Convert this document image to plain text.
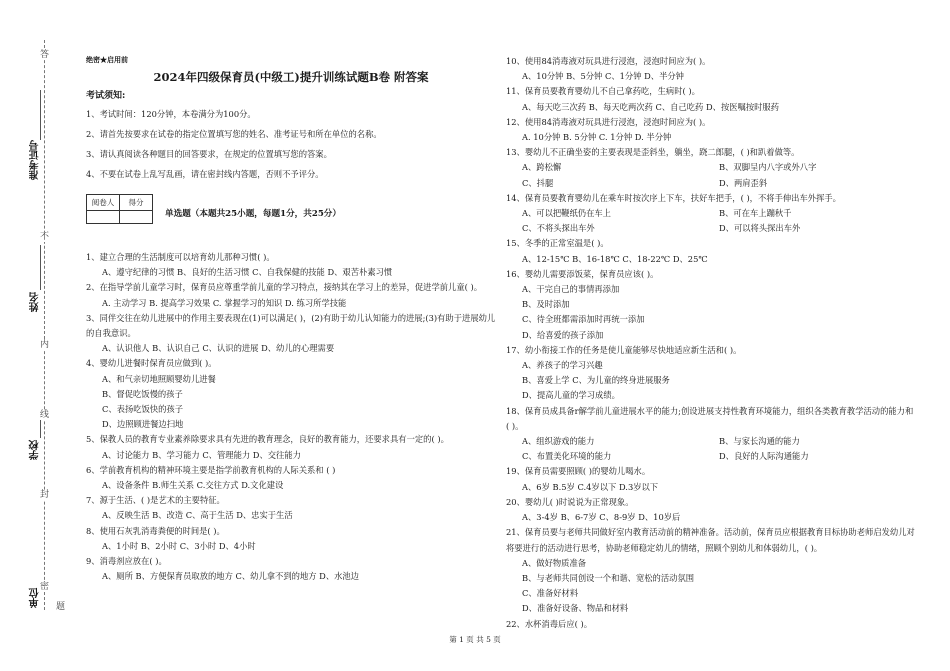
答
不
内
线
封
密
题
准考证号
姓名
学校
单位
绝密★启用前
2024年四级保育员(中级工)提升训练试题B卷 附答案
考试须知:

1、考试时间：120分钟，本卷满分为100分。

2、请首先按要求在试卷的指定位置填写您的姓名、准考证号和所在单位的名称。

3、请认真阅读各种题目的回答要求，在规定的位置填写您的答案。

4、不要在试卷上乱写乱画，请在密封线内答题，否则不予评分。

阅卷人	得分

单选题（本题共25小题，每题1分，共25分）
1、建立合理的生活制度可以培育幼儿那种习惯( )。
A、遵守纪律的习惯 B、良好的生活习惯 C、自我保健的技能 D、艰苦朴素习惯
2、在指导学前儿童学习时，保育员应尊重学前儿童的学习特点，接纳其在学习上的差异，促进学前儿童( )。
A. 主动学习 B. 提高学习效果 C. 掌握学习的知识 D. 练习所学技能
3、同伴交往在幼儿进展中的作用主要表现在(1)可以满足( )，(2)有助于幼儿认知能力的进展;(3)有助于进展幼儿的自我意识。
A、认识他人 B、认识自己 C、认识的进展 D、幼儿的心理需要
4、婴幼儿进餐时保育员应做到( )。
A、和气亲切地照顾婴幼儿进餐
B、督促吃饭慢的孩子
C、表扬吃饭快的孩子
D、边照顾进餐边扫地
5、保教人员的教育专业素养除要求具有先进的教育理念，良好的教育能力，还要求具有一定的( )。
A、讨论能力 B、学习能力 C、管理能力 D、交往能力
6、学前教育机构的精神环境主要是指学前教育机构的人际关系和 ( )
A、设备条件 B.师生关系 C.交往方式 D.文化建设
7、源于生活、( )是艺术的主要特征。
A、反映生活 B、改造 C、高于生活 D、忠实于生活
8、使用石灰乳消毒粪便的时间是( )。
A、1小时 B、2小时 C、3小时 D、4小时
9、消毒剂应放在( )。
A、厕所 B、方便保育员取放的地方 C、幼儿拿不到的地方 D、水池边
10、使用84消毒液对玩具进行浸泡，浸泡时间应为( )。
A、10分钟 B、5分钟 C、1分钟 D、半分钟
11、保育员要教育婴幼儿不自己拿药吃，生病时( )。
A、每天吃三次药 B、每天吃两次药 C、自己吃药 D、按医嘱按时服药
12、使用84消毒液对玩具进行浸泡，浸泡时间应为( )。
A. 10分钟 B. 5分钟 C. 1分钟 D. 半分钟
13、婴幼儿不正确坐姿的主要表现是歪斜坐，躺坐，跷二郎腿，( )和趴着做等。
A、跨松懈	B、双脚呈内八字或外八字
C、抖腿	D、两肩歪斜
14、保育员要教育婴幼儿在乘车时按次序上下车，扶好车把手，( )，不将手伸出车外挥手。
A、可以把鞭纸仍在车上	B、可在车上蹦秋千
C、不将头探出车外	D、可以将头探出车外
15、冬季的正常室温是( )。
A、12-15℃ B、16-18℃ C、18-22℃ D、25℃
16、婴幼儿需要添饭菜，保育员应该( )。
A、干完自己的事情再添加
B、及时添加
C、待全班都需添加时再统一添加
D、给喜爱的孩子添加
17、幼小衔接工作的任务是使儿童能够尽快地适应新生活和( )。
A、养孩子的学习兴趣
B、喜爱上学 C、为儿童的终身进展服务
D、提高儿童的学习成绩。
18、保育员成具备r解学前儿童进展水平的能力;创设进展支持性教育环境能力，组织各类教育教学活动的能力和( )。
A、组织游戏的能力	B、与家长沟通的能力
C、布置美化环境的能力	D、良好的人际沟通能力
19、保育员需要照顾( )的婴幼儿喝水。
A、6岁 B.5岁 C.4岁以下 D.3岁以下
20、婴幼儿( )时说说为正常现象。
A、3-4岁 B、6-7岁 C、8-9岁 D、10岁后
21、保育员要与老师共同做好室内教育活动前的精神准备。活动前，保育员应根据教育目标协助老师启发幼儿对将要进行的活动进行思考，协助老师稳定幼儿的情绪，照顾个别幼儿和体弱幼儿，( )。
A、做好物质准备
B、与老师共同创设一个和谐、宽松的活动氛围
C、准备好材料
D、准备好设备、物品和材料
22、水杯消毒后应( )。
第 1 页 共 5 页
